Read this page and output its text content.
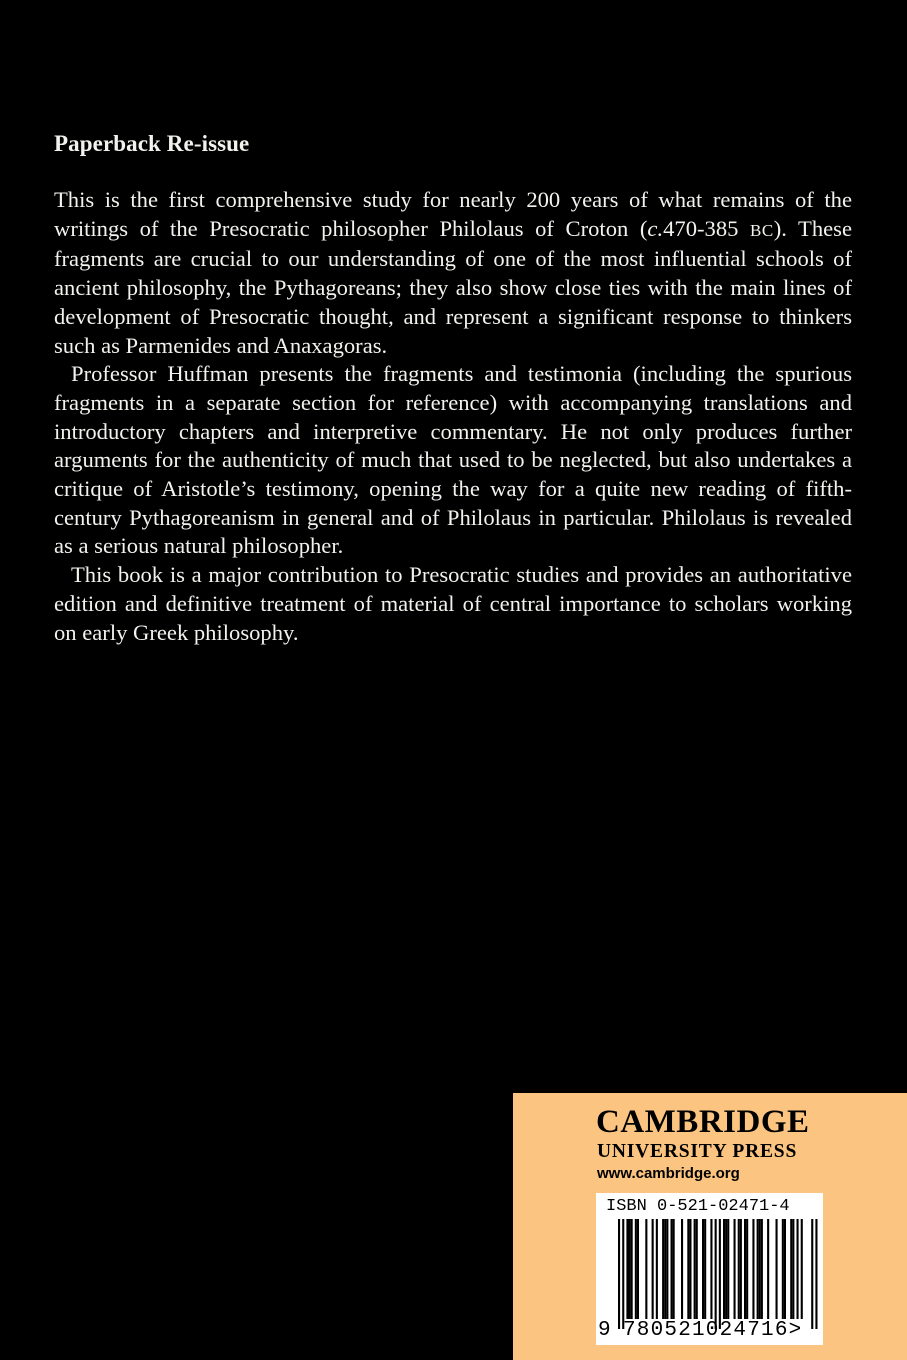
Paperback Re-issue

This is the first comprehensive study for nearly 200 years of what remains of the writings of the Presocratic philosopher Philolaus of Croton (c.470-385 BC). These fragments are crucial to our understanding of one of the most influential schools of ancient philosophy, the Pythagoreans; they also show close ties with the main lines of development of Presocratic thought, and represent a significant response to thinkers such as Parmenides and Anaxagoras.

Professor Huffman presents the fragments and testimonia (including the spurious fragments in a separate section for reference) with accompanying translations and introductory chapters and interpretive commentary. He not only produces further arguments for the authenticity of much that used to be neglected, but also undertakes a critique of Aristotle’s testimony, opening the way for a quite new reading of fifth-century Pythagoreanism in general and of Philolaus in particular. Philolaus is revealed as a serious natural philosopher.

This book is a major contribution to Presocratic studies and provides an authoritative edition and definitive treatment of material of central importance to scholars working on early Greek philosophy.

CAMBRIDGE
UNIVERSITY PRESS
www.cambridge.org
ISBN 0-521-02471-4
9 780521024716>
